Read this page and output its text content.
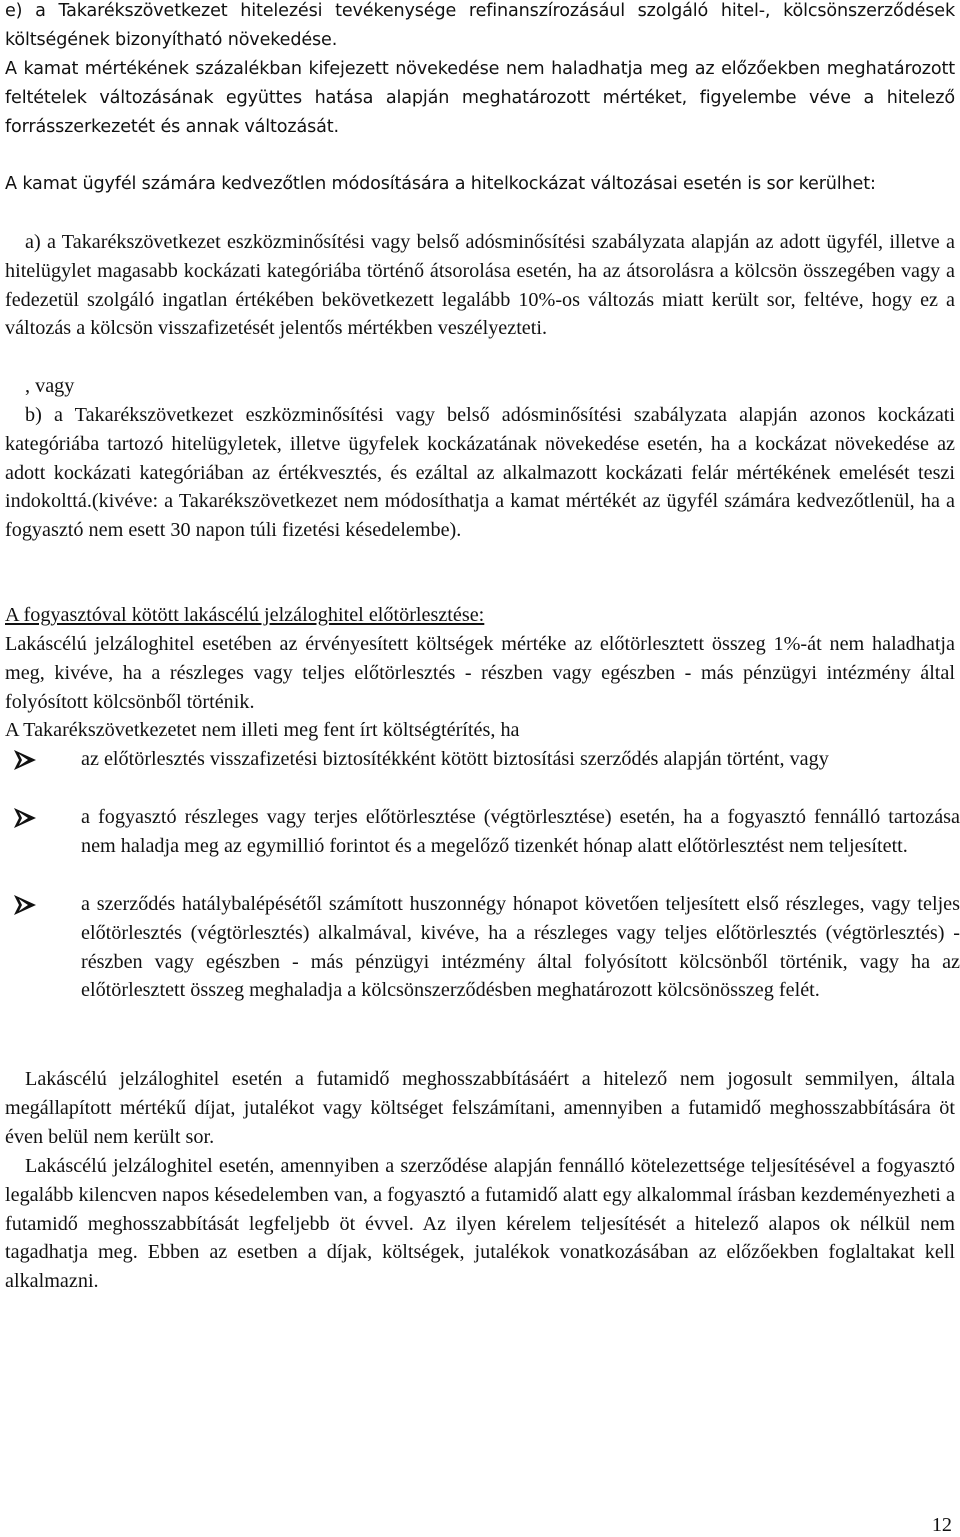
e) a Takarékszövetkezet hitelezési tevékenysége refinanszírozásául szolgáló hitel-, kölcsönszerződések költségének bizonyítható növekedése.

A kamat mértékének százalékban kifejezett növekedése nem haladhatja meg az előzőekben meghatározott feltételek változásának együttes hatása alapján meghatározott mértéket, figyelembe véve a hitelező forrásszerkezetét és annak változását.

A kamat ügyfél számára kedvezőtlen módosítására a hitelkockázat változásai esetén is sor kerülhet:

a) a Takarékszövetkezet eszközminősítési vagy belső adósminősítési szabályzata alapján az adott ügyfél, illetve a hitelügylet magasabb kockázati kategóriába történő átsorolása esetén, ha az átsorolásra a kölcsön összegében vagy a fedezetül szolgáló ingatlan értékében bekövetkezett legalább 10%-os változás miatt került sor, feltéve, hogy ez a változás a kölcsön visszafizetését jelentős mértékben veszélyezteti.

, vagy

b) a Takarékszövetkezet eszközminősítési vagy belső adósminősítési szabályzata alapján azonos kockázati kategóriába tartozó hitelügyletek, illetve ügyfelek kockázatának növekedése esetén, ha a kockázat növekedése az adott kockázati kategóriában az értékvesztés, és ezáltal az alkalmazott kockázati felár mértékének emelését teszi indokolttá.(kivéve: a Takarékszövetkezet nem módosíthatja a kamat mértékét az ügyfél számára kedvezőtlenül, ha a fogyasztó nem esett 30 napon túli fizetési késedelembe).

A fogyasztóval kötött lakáscélú jelzáloghitel előtörlesztése:

Lakáscélú jelzáloghitel esetében az érvényesített költségek mértéke az előtörlesztett összeg 1%-át nem haladhatja meg, kivéve, ha a részleges vagy teljes előtörlesztés - részben vagy egészben - más pénzügyi intézmény által folyósított kölcsönből történik.

A Takarékszövetkezetet nem illeti meg fent írt költségtérítés, ha

az előtörlesztés visszafizetési biztosítékként kötött biztosítási szerződés alapján történt, vagy

a fogyasztó részleges vagy terjes előtörlesztése (végtörlesztése) esetén, ha a fogyasztó fennálló tartozása nem haladja meg az egymillió forintot és a megelőző tizenkét hónap alatt előtörlesztést nem teljesített.

a szerződés hatálybalépésétől számított huszonnégy hónapot követően teljesített első részleges, vagy teljes előtörlesztés (végtörlesztés) alkalmával, kivéve, ha a részleges vagy teljes előtörlesztés (végtörlesztés) - részben vagy egészben - más pénzügyi intézmény által folyósított kölcsönből történik, vagy ha az előtörlesztett összeg meghaladja a kölcsönszerződésben meghatározott kölcsönösszeg felét.

Lakáscélú jelzáloghitel esetén a futamidő meghosszabbításáért a hitelező nem jogosult semmilyen, általa megállapított mértékű díjat, jutalékot vagy költséget felszámítani, amennyiben a futamidő meghosszabbítására öt éven belül nem került sor.

Lakáscélú jelzáloghitel esetén, amennyiben a szerződése alapján fennálló kötelezettsége teljesítésével a fogyasztó legalább kilencven napos késedelemben van, a fogyasztó a futamidő alatt egy alkalommal írásban kezdeményezheti a futamidő meghosszabbítását legfeljebb öt évvel. Az ilyen kérelem teljesítését a hitelező alapos ok nélkül nem tagadhatja meg. Ebben az esetben a díjak, költségek, jutalékok vonatkozásában az előzőekben foglaltakat kell alkalmazni.

12
